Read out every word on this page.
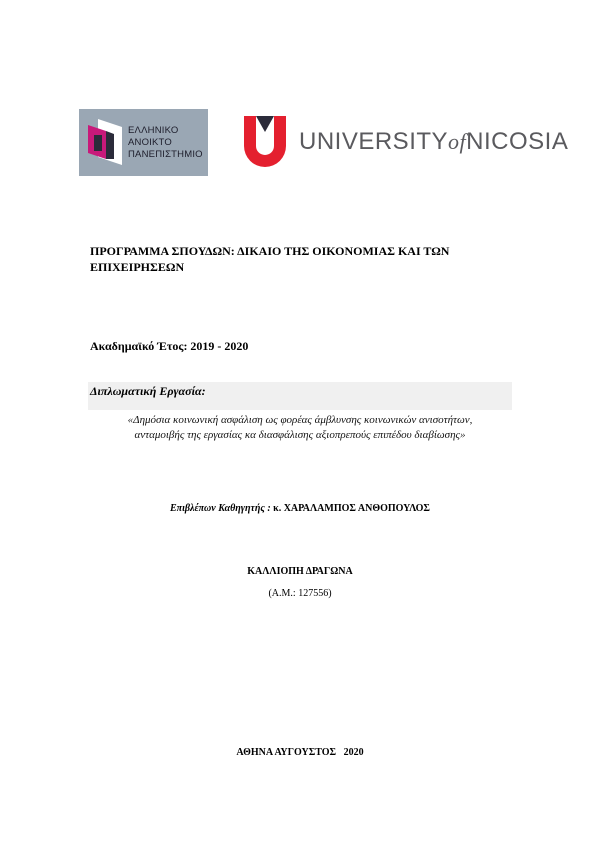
ΕΛΛΗΝΙΚΟ
ΑΝΟΙΚΤΟ
ΠΑΝΕΠΙΣΤΗΜΙΟ	UNIVERSITYofNICOSIA
ΠΡΟΓΡΑΜΜΑ ΣΠΟΥΔΩΝ: ΔΙΚΑΙΟ ΤΗΣ ΟΙΚΟΝΟΜΙΑΣ ΚΑΙ ΤΩΝ
ΕΠΙΧΕΙΡΗΣΕΩΝ
Ακαδημαϊκό Έτος: 2019 - 2020
Διπλωματική Εργασία:
«Δημόσια κοινωνική ασφάλιση ως φορέας άμβλυνσης κοινωνικών ανισοτήτων,
ανταμοιβής της εργασίας κα διασφάλισης αξιοπρεπούς επιπέδου διαβίωσης»
Επιβλέπων Καθηγητής : κ. ΧΑΡΑΛΑΜΠΟΣ ΑΝΘΟΠΟΥΛΟΣ
ΚΑΛΛΙΟΠΗ ΔΡΑΓΩΝΑ
(Α.Μ.: 127556)
ΑΘΗΝΑ ΑΥΓΟΥΣΤΟΣ   2020
